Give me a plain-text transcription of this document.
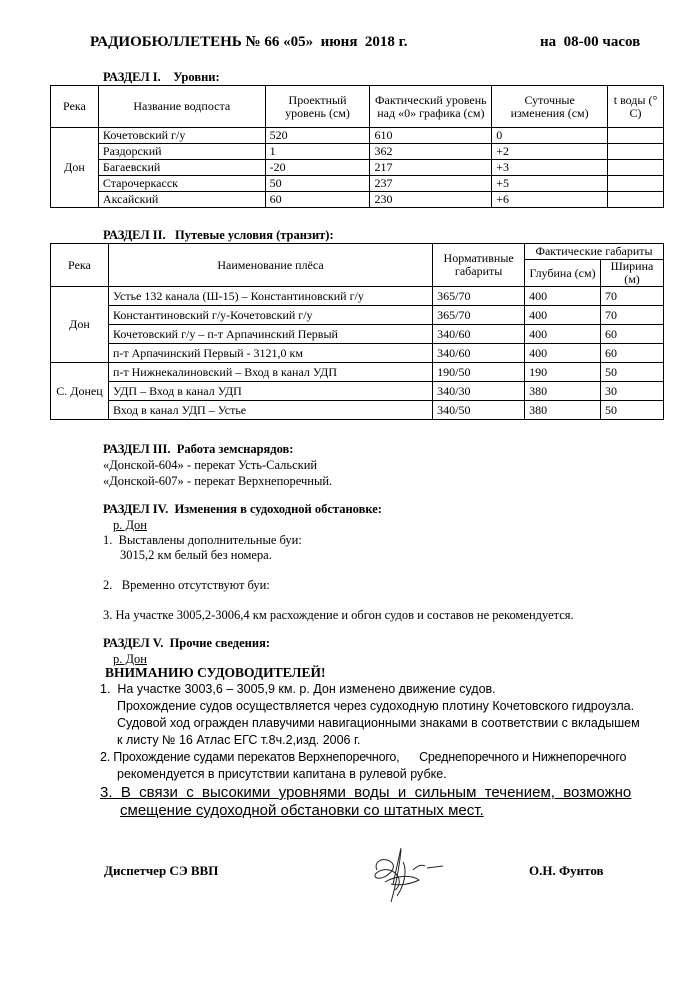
РАДИОБЮЛЛЕТЕНЬ № 66 «05»  июня  2018 г.	на  08-00 часов
РАЗДЕЛ I.    Уровни:
Река	Название водпоста	Проектный уровень (см)	Фактический уровень над «0» графика (см)	Суточные изменения (см)	t воды (° С)
Дон	Кочетовский г/у	520	610	0	
	Раздорский	1	362	+2	
	Багаевский	-20	217	+3	
	Старочеркасск	50	237	+5	
	Аксайский	60	230	+6	
РАЗДЕЛ II.   Путевые условия (транзит):
Река	Наименование плёса	Нормативные габариты	Фактические габариты	
			Глубина (см)	Ширина (м)
Дон	Устье 132 канала (Ш-15) – Константиновский г/у	365/70	400	70
	Константиновский г/у-Кочетовский г/у	365/70	400	70
	Кочетовский г/у – п-т Арпачинский Первый	340/60	400	60
	п-т Арпачинский Первый - 3121,0 км	340/60	400	60
С. Донец	п-т Нижнекалиновский – Вход в канал УДП	190/50	190	50
	УДП – Вход в канал УДП	340/30	380	30
	Вход в канал УДП – Устье	340/50	380	50
РАЗДЕЛ III.  Работа земснарядов:
«Донской-604» - перекат Усть-Сальский
«Донской-607» - перекат Верхнепоречный.
РАЗДЕЛ IV.  Изменения в судоходной обстановке:
р. Дон
1.  Выставлены дополнительные буи:
3015,2 км белый без номера.
2.   Временно отсутствуют буи:
3. На участке 3005,2-3006,4 км расхождение и обгон судов и составов не рекомендуется.
РАЗДЕЛ V.  Прочие сведения:
р. Дон
ВНИМАНИЮ СУДОВОДИТЕЛЕЙ!
1.  На участке 3003,6 – 3005,9 км. р. Дон изменено движение судов.
Прохождение судов осуществляется через судоходную плотину Кочетовского гидроузла.
Судовой ход огражден плавучими навигационными знаками в соответствии с вкладышем
к листу № 16 Атлас ЕГС т.8ч.2,изд. 2006 г.
2. Прохождение судами перекатов Верхнепоречного,      Среднепоречного и Нижнепоречного
рекомендуется в присутствии капитана в рулевой рубке.
3.  В  связи  с  высокими  уровнями  воды  и  сильным  течением,  возможно
смещение судоходной обстановки со штатных мест.
Диспетчер СЭ ВВП	О.Н. Фунтов
